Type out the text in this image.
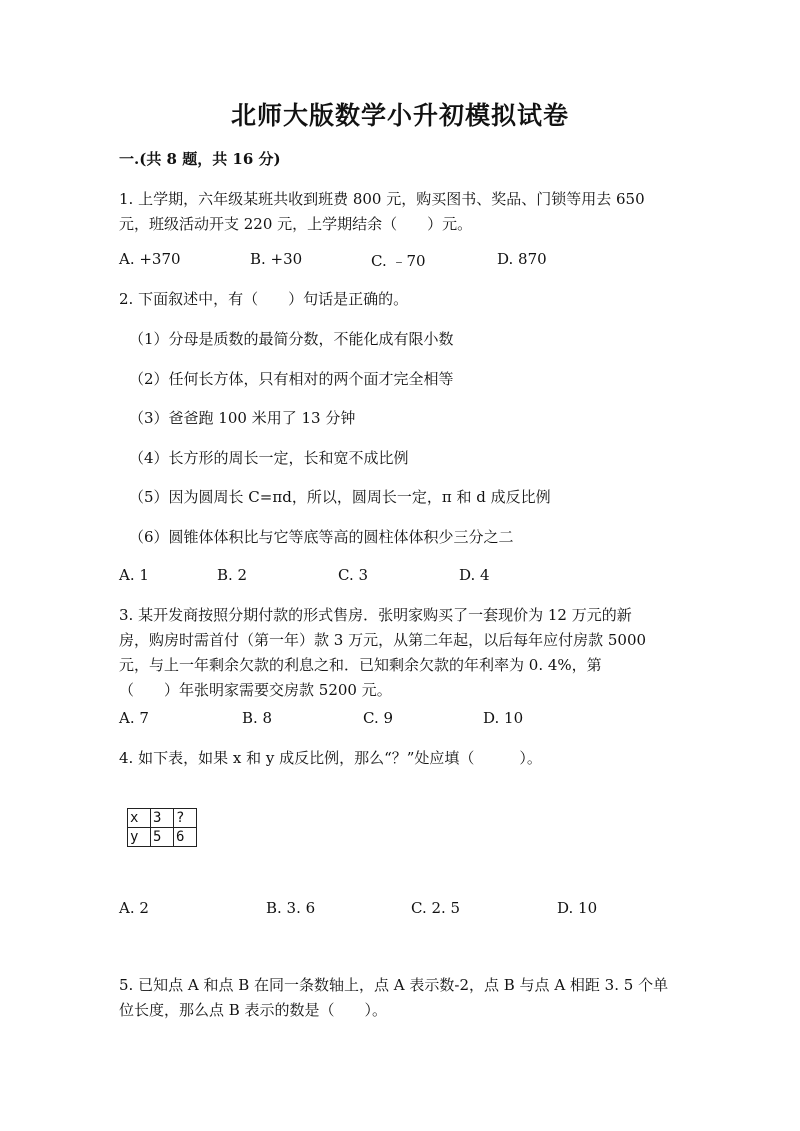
北师大版数学小升初模拟试卷
一.(共 8 题，共 16 分)
1. 上学期，六年级某班共收到班费 800 元，购买图书、奖品、门锁等用去 650
元，班级活动开支 220 元，上学期结余（　　）元。
A. +370	B. +30	C. ﹣70	D. 870
2. 下面叙述中，有（　　）句话是正确的。
（1）分母是质数的最简分数，不能化成有限小数
（2）任何长方体，只有相对的两个面才完全相等
（3）爸爸跑 100 米用了 13 分钟
（4）长方形的周长一定，长和宽不成比例
（5）因为圆周长 C=πd，所以，圆周长一定，π 和 d 成反比例
（6）圆锥体体积比与它等底等高的圆柱体体积少三分之二
A. 1	B. 2	C. 3	D. 4
3. 某开发商按照分期付款的形式售房．张明家购买了一套现价为 12 万元的新
房，购房时需首付（第一年）款 3 万元，从第二年起，以后每年应付房款 5000
元，与上一年剩余欠款的利息之和．已知剩余欠款的年利率为 0. 4%，第
（　　）年张明家需要交房款 5200 元。
A. 7	B. 8	C. 9	D. 10
4. 如下表，如果 x 和 y 成反比例，那么“？”处应填（　　　）。
x	3	?
y	5	6
A. 2	B. 3. 6	C. 2. 5	D. 10
5. 已知点 A 和点 B 在同一条数轴上，点 A 表示数-2，点 B 与点 A 相距 3. 5 个单
位长度，那么点 B 表示的数是（　　）。
